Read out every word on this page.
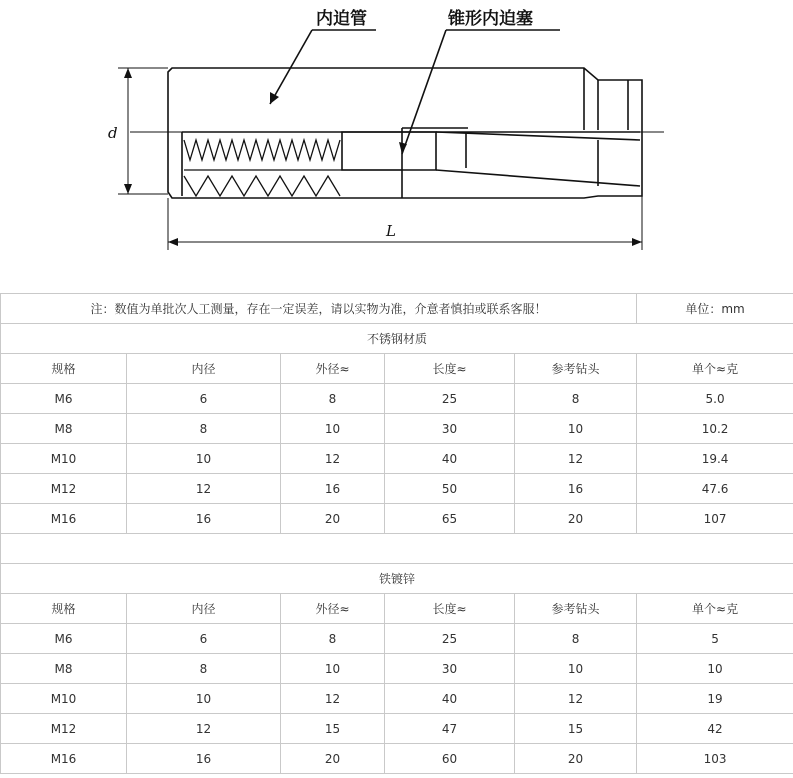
内迫管	锥形内迫塞
d
L
注：数值为单批次人工测量，存在一定误差，请以实物为准，介意者慎拍或联系客服！					单位：mm
不锈钢材质					
规格	内径	外径≈	长度≈	参考钻头	单个≈克
M6	6	8	25	8	5.0
M8	8	10	30	10	10.2
M10	10	12	40	12	19.4
M12	12	16	50	16	47.6
M16	16	20	65	20	107

铁镀锌					
规格	内径	外径≈	长度≈	参考钻头	单个≈克
M6	6	8	25	8	5
M8	8	10	30	10	10
M10	10	12	40	12	19
M12	12	15	47	15	42
M16	16	20	60	20	103
